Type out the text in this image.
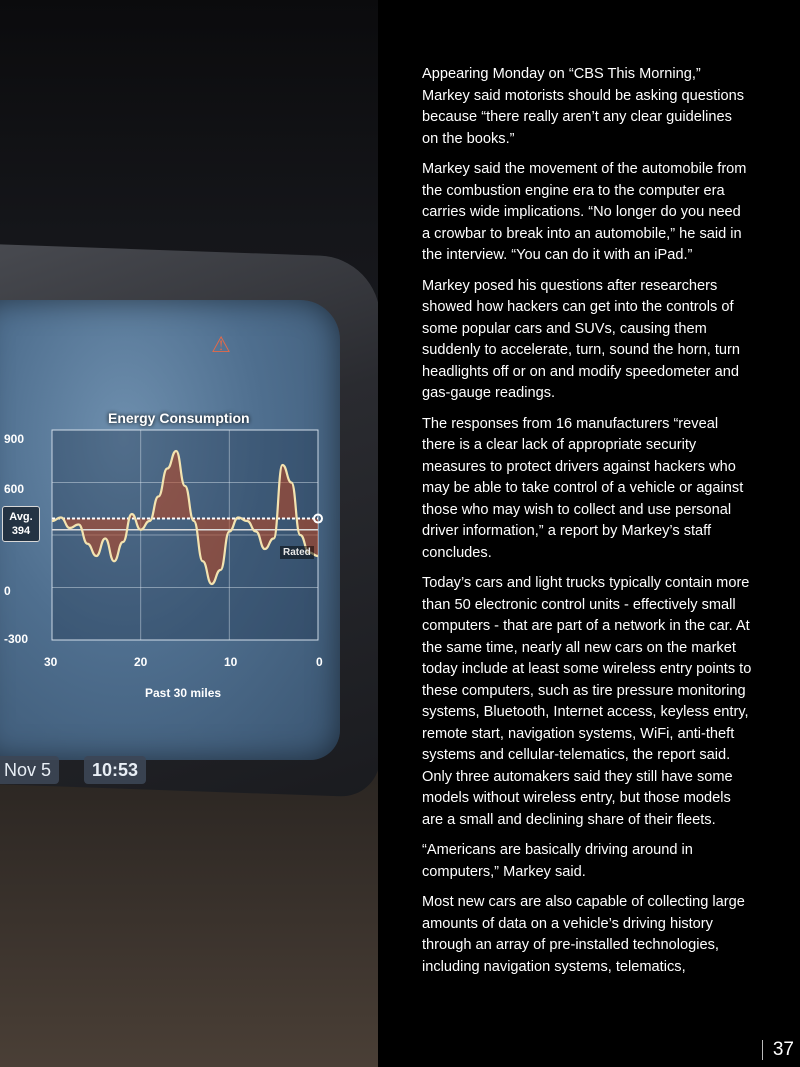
⚠
Energy Consumption
900
600
0
-300
30	20	10	0
Past 30 miles
Avg.
394
Rated
Nov 5	10:53

Appearing Monday on “CBS This Morning,” Markey said motorists should be asking questions because “there really aren’t any clear guidelines on the books.”

Markey said the movement of the automobile from the combustion engine era to the computer era carries wide implications. “No longer do you need a crowbar to break into an automobile,” he said in the interview. “You can do it with an iPad.”

Markey posed his questions after researchers showed how hackers can get into the controls of some popular cars and SUVs, causing them suddenly to accelerate, turn, sound the horn, turn headlights off or on and modify speedometer and gas-gauge readings.

The responses from 16 manufacturers “reveal there is a clear lack of appropriate security measures to protect drivers against hackers who may be able to take control of a vehicle or against those who may wish to collect and use personal driver information,” a report by Markey’s staff concludes.

Today’s cars and light trucks typically contain more than 50 electronic control units - effectively small computers - that are part of a network in the car. At the same time, nearly all new cars on the market today include at least some wireless entry points to these computers, such as tire pressure monitoring systems, Bluetooth, Internet access, keyless entry, remote start, navigation systems, WiFi, anti-theft systems and cellular-telematics, the report said. Only three automakers said they still have some models without wireless entry, but those models are a small and declining share of their fleets.

“Americans are basically driving around in computers,” Markey said.

Most new cars are also capable of collecting large amounts of data on a vehicle’s driving history through an array of pre-installed technologies, including navigation systems, telematics,

37
